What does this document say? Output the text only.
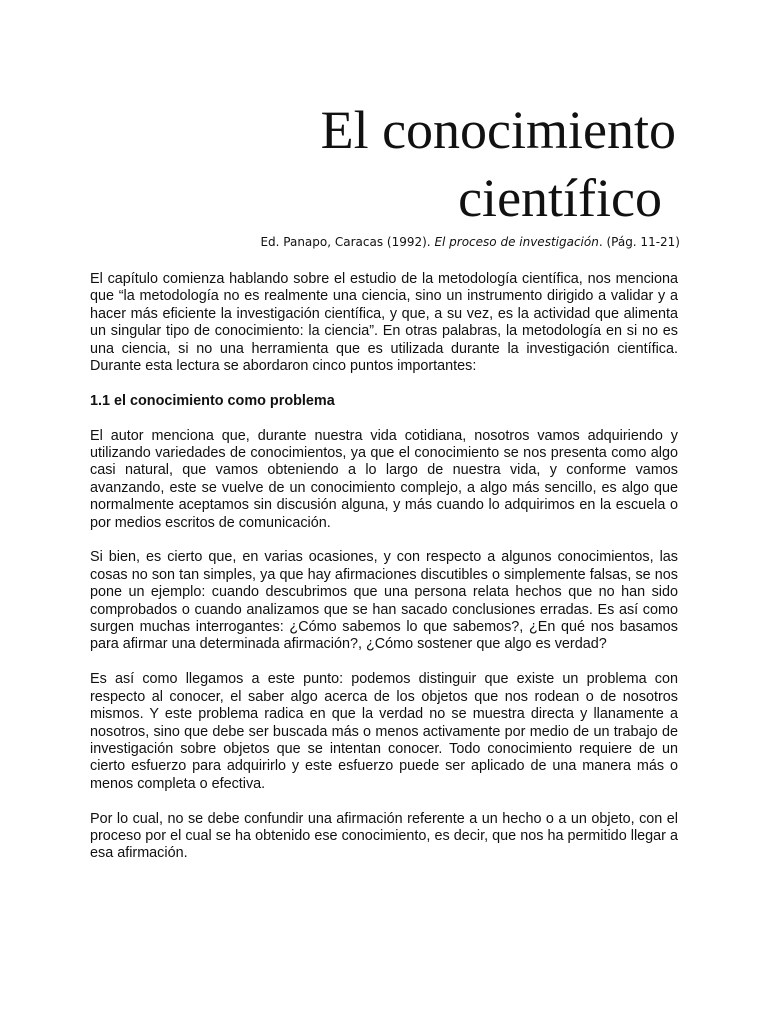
El conocimiento
científico
Ed. Panapo, Caracas (1992). El proceso de investigación. (Pág. 11-21)

El capítulo comienza hablando sobre el estudio de la metodología científica, nos menciona que “la metodología no es realmente una ciencia, sino un instrumento dirigido a validar y a hacer más eficiente la investigación científica, y que, a su vez, es la actividad que alimenta un singular tipo de conocimiento: la ciencia”. En otras palabras, la metodología en si no es una ciencia, si no una herramienta que es utilizada durante la investigación científica. Durante esta lectura se abordaron cinco puntos importantes:

1.1 el conocimiento como problema

El autor menciona que, durante nuestra vida cotidiana, nosotros vamos adquiriendo y utilizando variedades de conocimientos, ya que el conocimiento se nos presenta como algo casi natural, que vamos obteniendo a lo largo de nuestra vida, y conforme vamos avanzando, este se vuelve de un conocimiento complejo, a algo más sencillo, es algo que normalmente aceptamos sin discusión alguna, y más cuando lo adquirimos en la escuela o por medios escritos de comunicación.

Si bien, es cierto que, en varias ocasiones, y con respecto a algunos conocimientos, las cosas no son tan simples, ya que hay afirmaciones discutibles o simplemente falsas, se nos pone un ejemplo: cuando descubrimos que una persona relata hechos que no han sido comprobados o cuando analizamos que se han sacado conclusiones erradas. Es así como surgen muchas interrogantes: ¿Cómo sabemos lo que sabemos?, ¿En qué nos basamos para afirmar una determinada afirmación?, ¿Cómo sostener que algo es verdad?

Es así como llegamos a este punto: podemos distinguir que existe un problema con respecto al conocer, el saber algo acerca de los objetos que nos rodean o de nosotros mismos. Y este problema radica en que la verdad no se muestra directa y llanamente a nosotros, sino que debe ser buscada más o menos activamente por medio de un trabajo de investigación sobre objetos que se intentan conocer. Todo conocimiento requiere de un cierto esfuerzo para adquirirlo y este esfuerzo puede ser aplicado de una manera más o menos completa o efectiva.

Por lo cual, no se debe confundir una afirmación referente a un hecho o a un objeto, con el proceso por el cual se ha obtenido ese conocimiento, es decir, que nos ha permitido llegar a esa afirmación.
